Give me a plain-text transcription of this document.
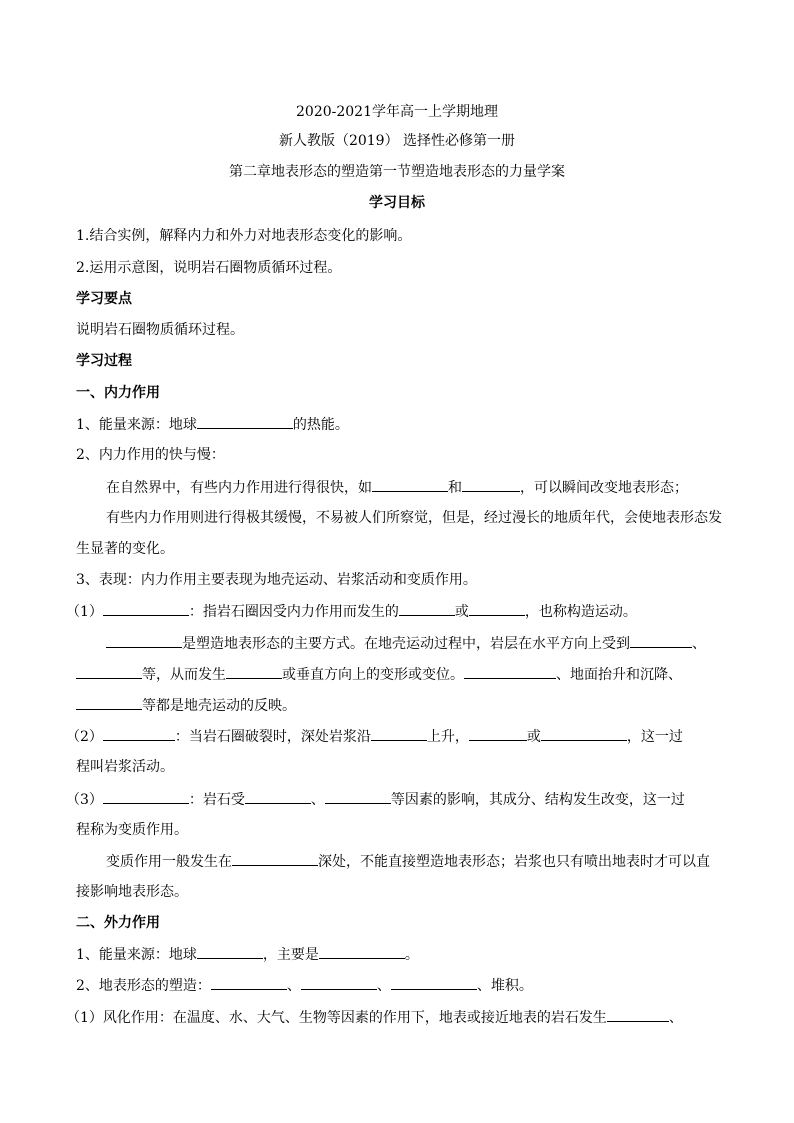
2020-2021学年高一上学期地理
新人教版（2019） 选择性必修第一册
第二章地表形态的塑造第一节塑造地表形态的力量学案
学习目标
1.结合实例，解释内力和外力对地表形态变化的影响。
2.运用示意图，说明岩石圈物质循环过程。
学习要点
说明岩石圈物质循环过程。
学习过程
一、内力作用
1、能量来源：地球	的热能。
2、内力作用的快与慢：
在自然界中，有些内力作用进行得很快，如	和	，可以瞬间改变地表形态；
有些内力作用则进行得极其缓慢，不易被人们所察觉，但是，经过漫长的地质年代，会使地表形态发
生显著的变化。
3、表现：内力作用主要表现为地壳运动、岩浆活动和变质作用。
（1）	：指岩石圈因受内力作用而发生的	或	，也称构造运动。
是塑造地表形态的主要方式。在地壳运动过程中，岩层在水平方向上受到	、
等，从而发生	或垂直方向上的变形或变位。	、地面抬升和沉降、
等都是地壳运动的反映。
（2）	：当岩石圈破裂时，深处岩浆沿	上升，	或	，这一过
程叫岩浆活动。
（3）	：岩石受	、	等因素的影响，其成分、结构发生改变，这一过
程称为变质作用。
变质作用一般发生在	深处，不能直接塑造地表形态；岩浆也只有喷出地表时才可以直
接影响地表形态。
二、外力作用
1、能量来源：地球	，主要是	。
2、地表形态的塑造：	、	、	、堆积。
（1）风化作用：在温度、水、大气、生物等因素的作用下，地表或接近地表的岩石发生	、
